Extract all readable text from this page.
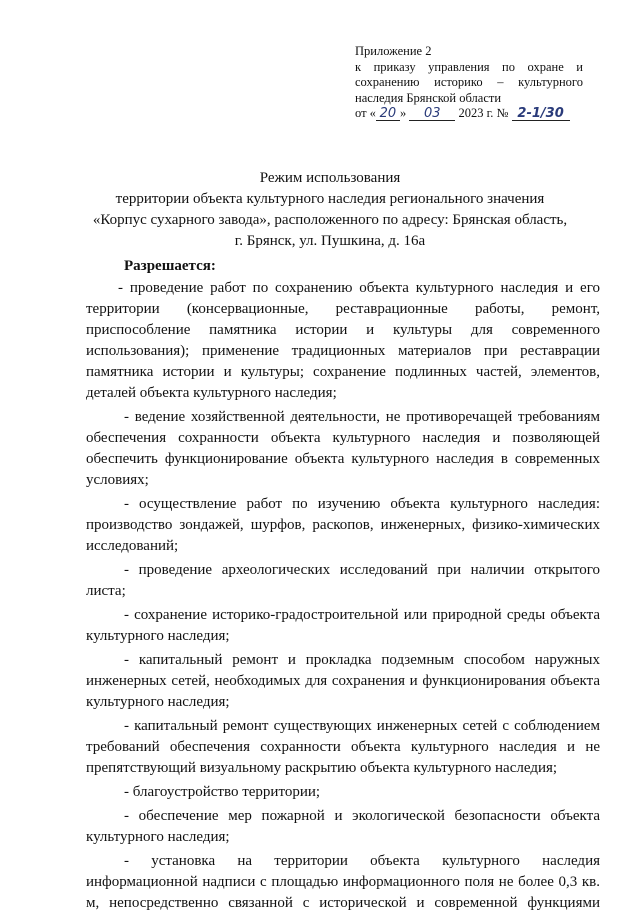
Приложение 2
к приказу управления по охране и
сохранению историко – культурного
наследия Брянской области
от « 20 » 03 2023 г. № 2-1/30
Режим использования
территории объекта культурного наследия регионального значения
«Корпус сухарного завода», расположенного по адресу: Брянская область,
г. Брянск, ул. Пушкина, д. 16а
Разрешается:

- проведение работ по сохранению объекта культурного наследия и его территории (консервационные, реставрационные работы, ремонт, приспособление памятника истории и культуры для современного использования); применение традиционных материалов при реставрации памятника истории и культуры; сохранение подлинных частей, элементов, деталей объекта культурного наследия;

- ведение хозяйственной деятельности, не противоречащей требованиям обеспечения сохранности объекта культурного наследия и позволяющей обеспечить функционирование объекта культурного наследия в современных условиях;

- осуществление работ по изучению объекта культурного наследия: производство зондажей, шурфов, раскопов, инженерных, физико-химических исследований;

- проведение археологических исследований при наличии открытого листа;

- сохранение историко-градостроительной или природной среды объекта культурного наследия;

- капитальный ремонт и прокладка подземным способом наружных инженерных сетей, необходимых для сохранения и функционирования объекта культурного наследия;

- капитальный ремонт существующих инженерных сетей с соблюдением требований обеспечения сохранности объекта культурного наследия и не препятствующий визуальному раскрытию объекта культурного наследия;

- благоустройство территории;

- обеспечение мер пожарной и экологической безопасности объекта культурного наследия;

- установка на территории объекта культурного наследия информационной надписи с площадью информационного поля не более 0,3 кв. м, непосредственно связанной с исторической и современной функциями
